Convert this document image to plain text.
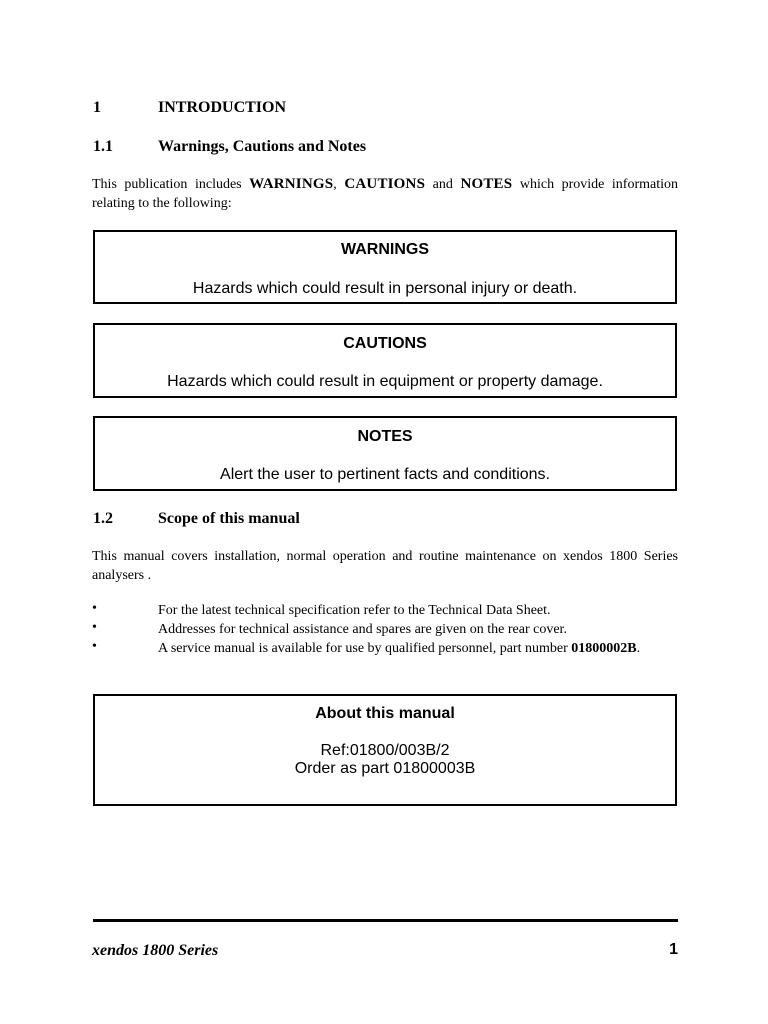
1	INTRODUCTION
1.1	Warnings, Cautions and Notes
This publication includes WARNINGS, CAUTIONS and NOTES which provide information relating to the following:
WARNINGS
Hazards which could result in personal injury or death.
CAUTIONS
Hazards which could result in equipment or property damage.
NOTES
Alert the user to pertinent facts and conditions.
1.2	Scope of this manual
This manual covers installation, normal operation and routine maintenance on xendos 1800 Series analysers .
•	For the latest technical specification refer to the Technical Data Sheet.
•	Addresses for technical assistance and spares are given on the rear cover.
•	A service manual is available for use by qualified personnel, part number 01800002B.
About this manual
Ref:01800/003B/2
Order as part 01800003B
xendos 1800 Series	1
